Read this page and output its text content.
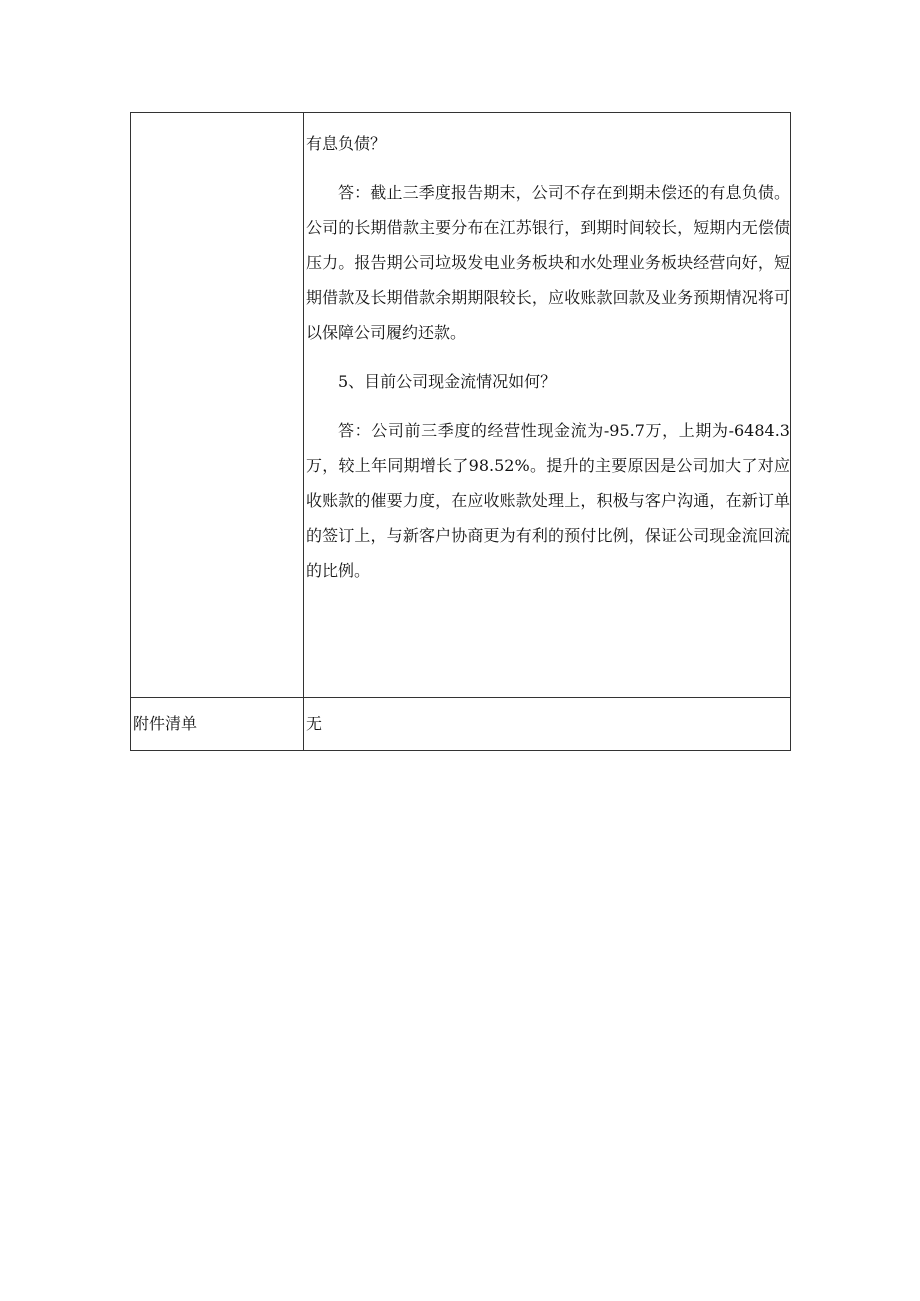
	有息负债？

答：截止三季度报告期末，公司不存在到期未偿还的有息负债。公司的长期借款主要分布在江苏银行，到期时间较长，短期内无偿债压力。报告期公司垃圾发电业务板块和水处理业务板块经营向好，短期借款及长期借款余期期限较长，应收账款回款及业务预期情况将可以保障公司履约还款。

5、目前公司现金流情况如何？

答：公司前三季度的经营性现金流为-95.7万，上期为-6484.3万，较上年同期增长了98.52%。提升的主要原因是公司加大了对应收账款的催要力度，在应收账款处理上，积极与客户沟通，在新订单的签订上，与新客户协商更为有利的预付比例，保证公司现金流回流的比例。

附件清单	无
